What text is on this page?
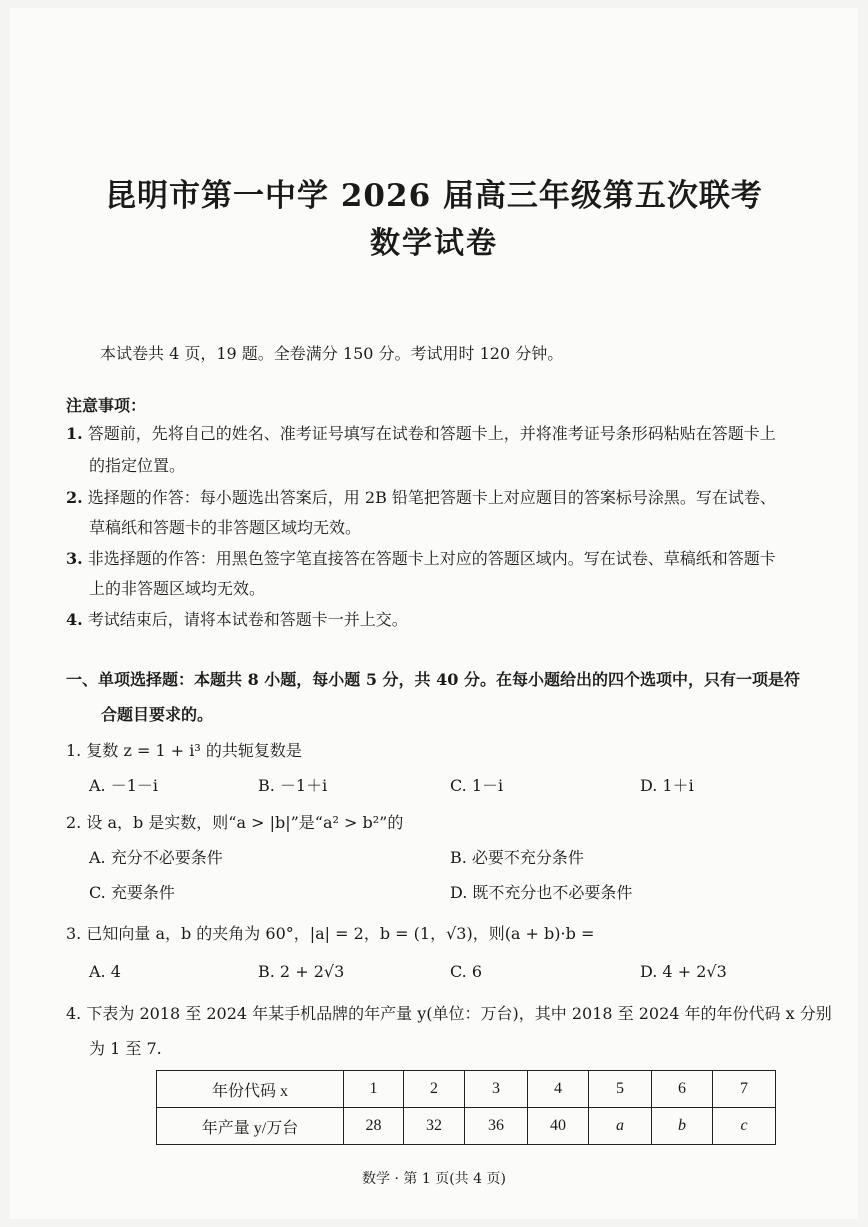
昆明市第一中学 2026 届高三年级第五次联考
数学试卷
本试卷共 4 页，19 题。全卷满分 150 分。考试用时 120 分钟。
注意事项：
1. 答题前，先将自己的姓名、准考证号填写在试卷和答题卡上，并将准考证号条形码粘贴在答题卡上
的指定位置。
2. 选择题的作答：每小题选出答案后，用 2B 铅笔把答题卡上对应题目的答案标号涂黑。写在试卷、
草稿纸和答题卡的非答题区域均无效。
3. 非选择题的作答：用黑色签字笔直接答在答题卡上对应的答题区域内。写在试卷、草稿纸和答题卡
上的非答题区域均无效。
4. 考试结束后，请将本试卷和答题卡一并上交。
一、单项选择题：本题共 8 小题，每小题 5 分，共 40 分。在每小题给出的四个选项中，只有一项是符
合题目要求的。
1. 复数 z = 1 + i³ 的共轭复数是
A. －1－i	B. －1＋i	C. 1－i	D. 1＋i
2. 设 a，b 是实数，则“a > |b|”是“a² > b²”的
A. 充分不必要条件	B. 必要不充分条件
C. 充要条件	D. 既不充分也不必要条件
3. 已知向量 a，b 的夹角为 60°，|a| = 2，b = (1，√3)，则(a + b)·b =
A. 4	B. 2 + 2√3	C. 6	D. 4 + 2√3
4. 下表为 2018 至 2024 年某手机品牌的年产量 y(单位：万台)，其中 2018 至 2024 年的年份代码 x 分别
为 1 至 7.
年份代码 x	1	2	3	4	5	6	7
年产量 y/万台	28	32	36	40	a	b	c
数学 · 第 1 页(共 4 页)
